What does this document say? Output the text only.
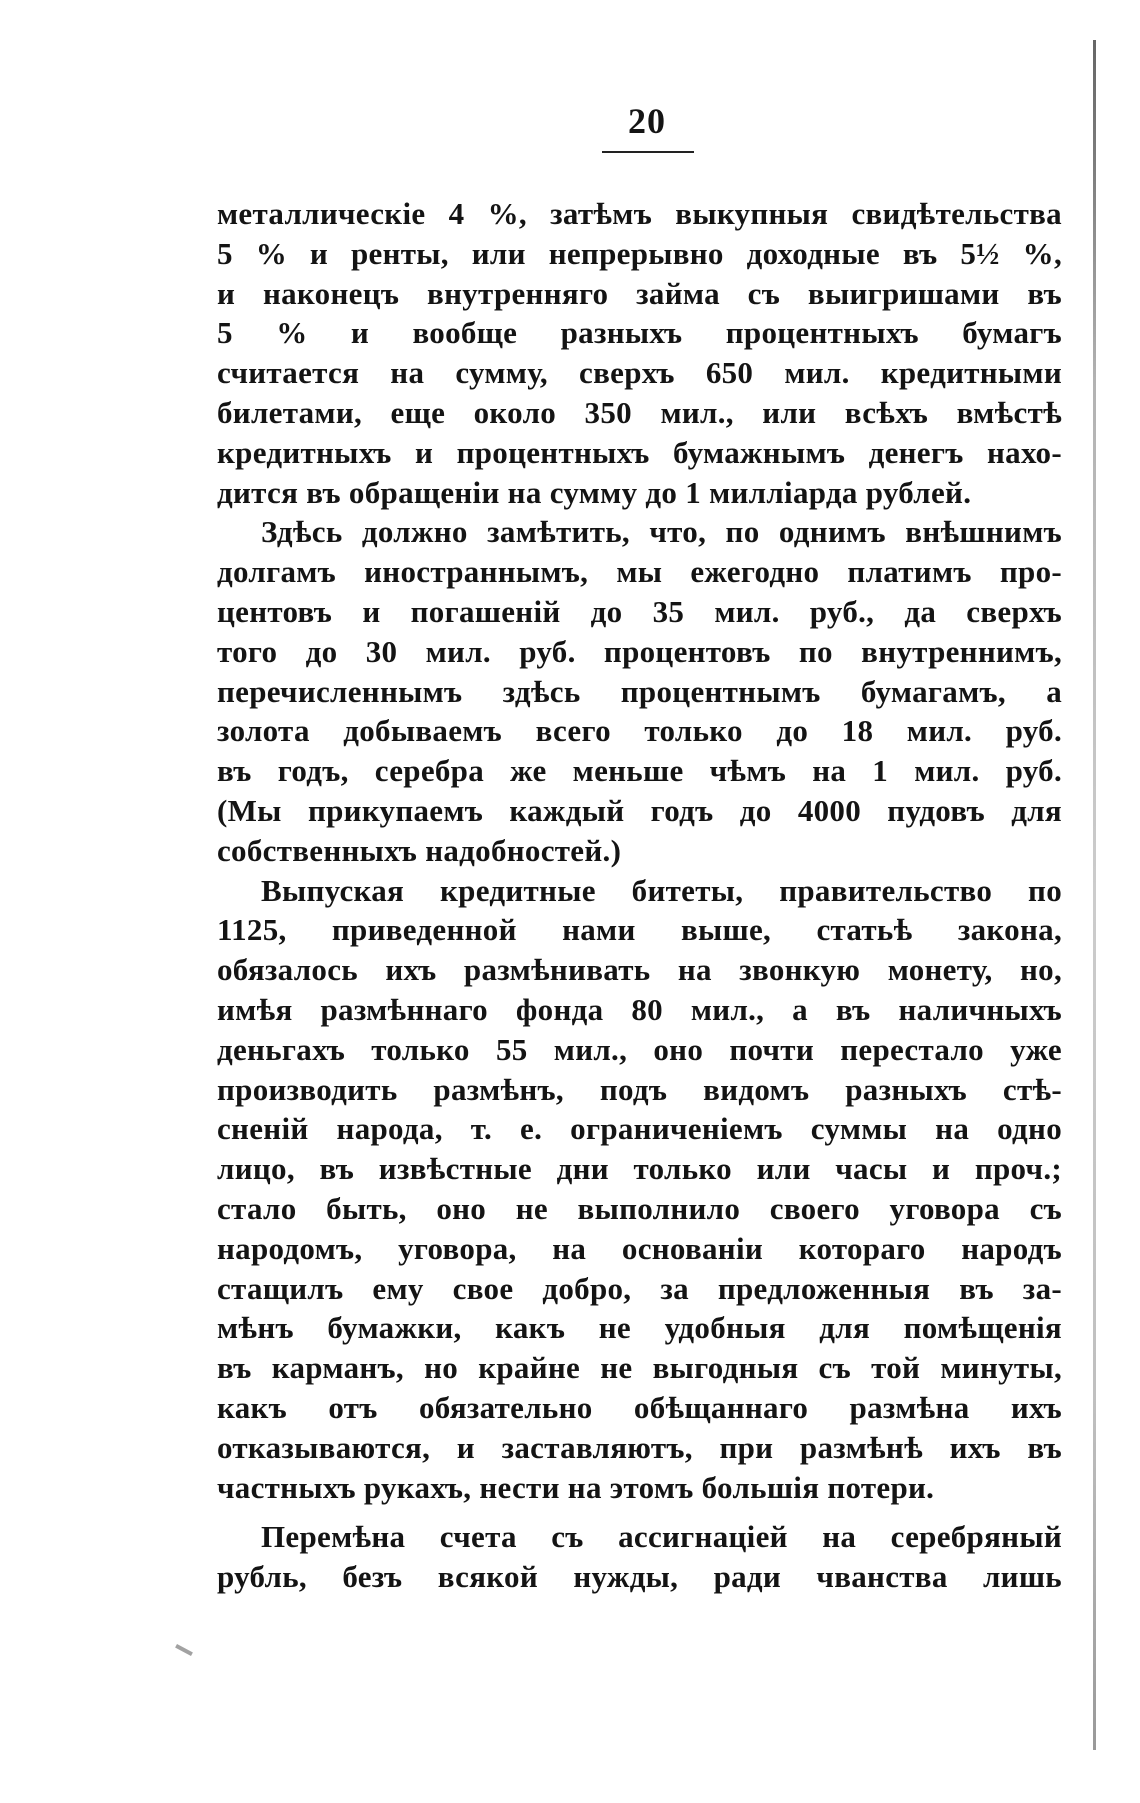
20
металлическіе 4 %, затѣмъ выкупныя свидѣтельства
5 % и ренты, или непрерывно доходные въ 5½ %,
и наконецъ внутренняго займа съ выигришами въ
5 % и вообще разныхъ процентныхъ бумагъ
считается на сумму, сверхъ 650 мил. кредитными
билетами, еще около 350 мил., или всѣхъ вмѣстѣ
кредитныхъ и процентныхъ бумажнымъ денегъ нахо-
дится въ обращеніи на сумму до 1 милліарда рублей.
Здѣсь должно замѣтить, что, по однимъ внѣшнимъ
долгамъ иностраннымъ, мы ежегодно платимъ про-
центовъ и погашеній до 35 мил. руб., да сверхъ
того до 30 мил. руб. процентовъ по внутреннимъ,
перечисленнымъ здѣсь процентнымъ бумагамъ, а
золота добываемъ всего только до 18 мил. руб.
въ годъ, серебра же меньше чѣмъ на 1 мил. руб.
(Мы прикупаемъ каждый годъ до 4000 пудовъ для
собственныхъ надобностей.)
Выпуская кредитные битеты, правительство по
1125, приведенной нами выше, статьѣ закона,
обязалось ихъ размѣнивать на звонкую монету, но,
имѣя размѣннаго фонда 80 мил., а въ наличныхъ
деньгахъ только 55 мил., оно почти перестало уже
производить размѣнъ, подъ видомъ разныхъ стѣ-
сненій народа, т. е. ограниченіемъ суммы на одно
лицо, въ извѣстные дни только или часы и проч.;
стало быть, оно не выполнило своего уговора съ
народомъ, уговора, на основаніи котораго народъ
стащилъ ему свое добро, за предложенныя въ за-
мѣнъ бумажки, какъ не удобныя для помѣщенія
въ карманъ, но крайне не выгодныя съ той минуты,
какъ отъ обязательно обѣщаннаго размѣна ихъ
отказываются, и заставляютъ, при размѣнѣ ихъ въ
частныхъ рукахъ, нести на этомъ большія потери.
Перемѣна счета съ ассигнаціей на серебряный
рубль, безъ всякой нужды, ради чванства лишь
